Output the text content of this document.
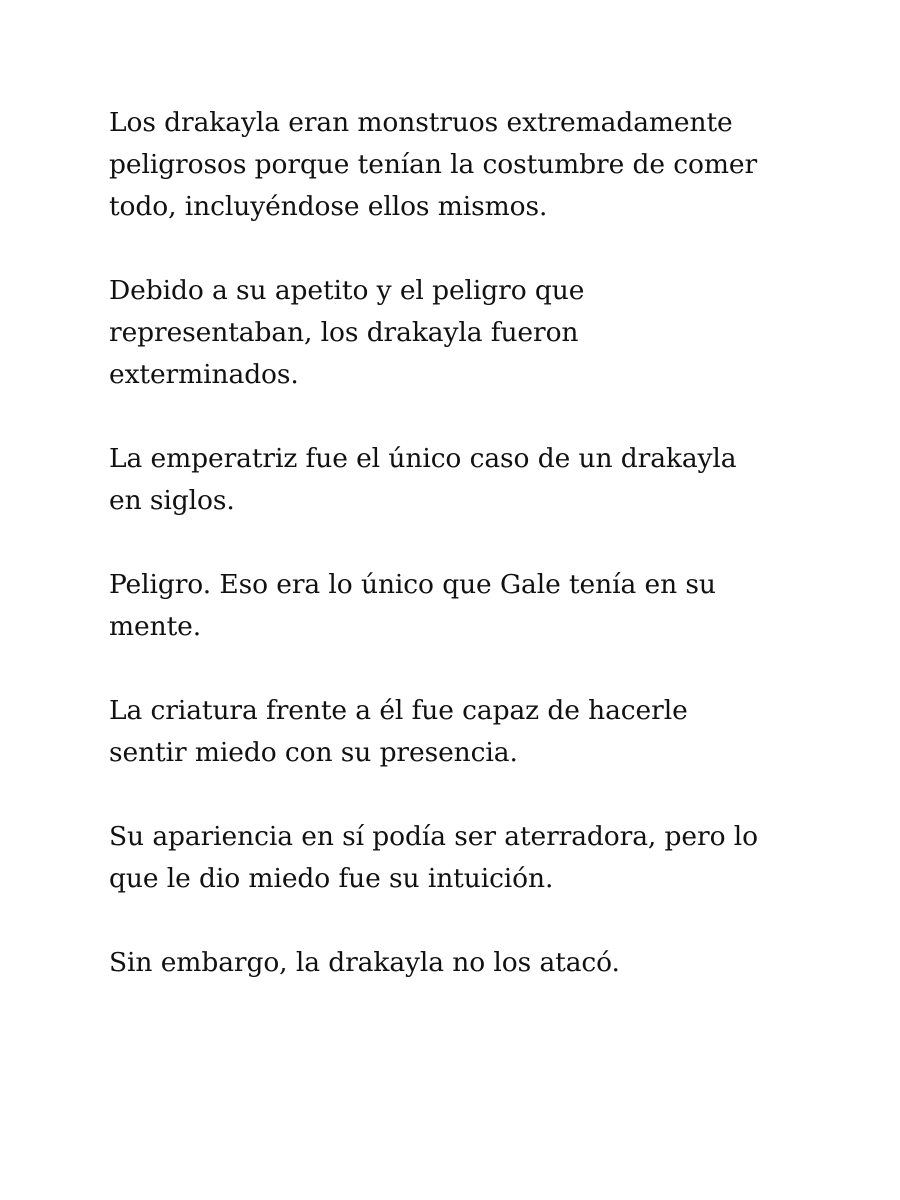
Los drakayla eran monstruos extremadamente
peligrosos porque tenían la costumbre de comer
todo, incluyéndose ellos mismos.

Debido a su apetito y el peligro que
representaban, los drakayla fueron
exterminados.

La emperatriz fue el único caso de un drakayla
en siglos.

Peligro. Eso era lo único que Gale tenía en su
mente.

La criatura frente a él fue capaz de hacerle
sentir miedo con su presencia.

Su apariencia en sí podía ser aterradora, pero lo
que le dio miedo fue su intuición.

Sin embargo, la drakayla no los atacó.
